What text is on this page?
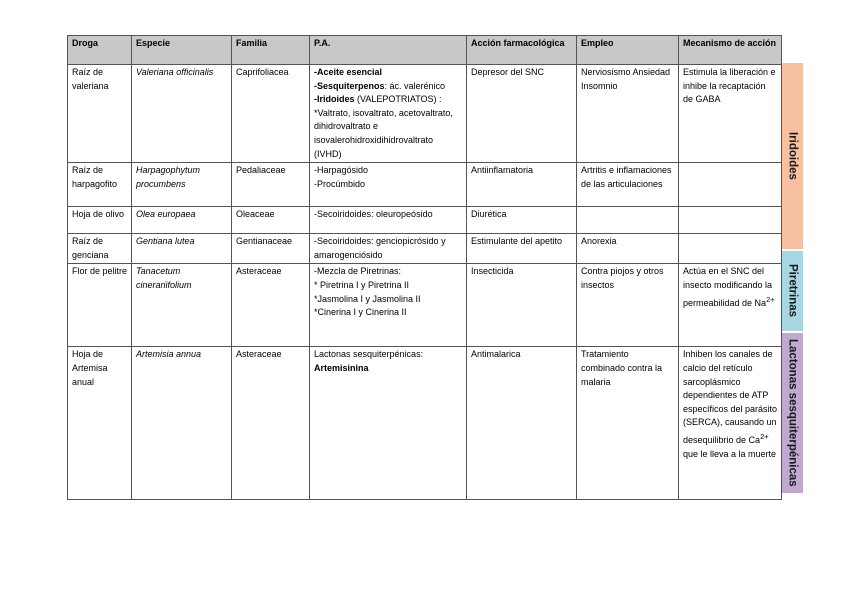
Droga	Especie	Familia	P.A.	Acción farmacológica	Empleo	Mecanismo de acción
Raíz de valeriana	Valeriana officinalis	Caprifoliacea	-Aceite esencial
-Sesquiterpenos: ác. valerénico
-Iridoides (VALEPOTRIATOS) :
*Valtrato, isovaltrato, acetovaltrato, dihidrovaltrato e isovalerohidroxidihidrovaltrato (IVHD)	Depresor del SNC	Nerviosismo Ansiedad Insomnio	Estimula la liberación e inhibe la recaptación de GABA
Raíz de harpagofito	Harpagophytum procumbens	Pedaliaceae	-Harpagósido
-Procúmbido	Antiinflamatoria	Artritis e inflamaciones de las articulaciones	
Hoja de olivo	Olea europaea	Oleaceae	-Secoiridoides: oleuropeósido	Diurética		
Raíz de genciana	Gentiana lutea	Gentianaceae	-Secoiridoides: genciopicrósido y amarogenciósido	Estimulante del apetito	Anorexia	
Flor de pelitre	Tanacetum cinerariifolium	Asteraceae	-Mezcla de Piretrinas:
* Piretrina I y Piretrina II
*Jasmolina I y Jasmolina II
*Cinerina I y Cinerina II	Insecticida	Contra piojos y otros insectos	Actúa en el SNC del insecto modificando la permeabilidad de $Na^{2+}$
Hoja de Artemisa anual	Artemisia annua	Asteraceae	Lactonas sesquiterpénicas:
Artemisinina	Antimalarica	Tratamiento combinado contra la malaria	Inhiben los canales de calcio del retículo sarcoplásmico dependientes de ATP específicos del parásito (SERCA), causando un desequilibrio de $Ca^{2+}$ que le lleva a la muerte
Iridoides
Piretrinas
Lactonas sesquiterpénicas
